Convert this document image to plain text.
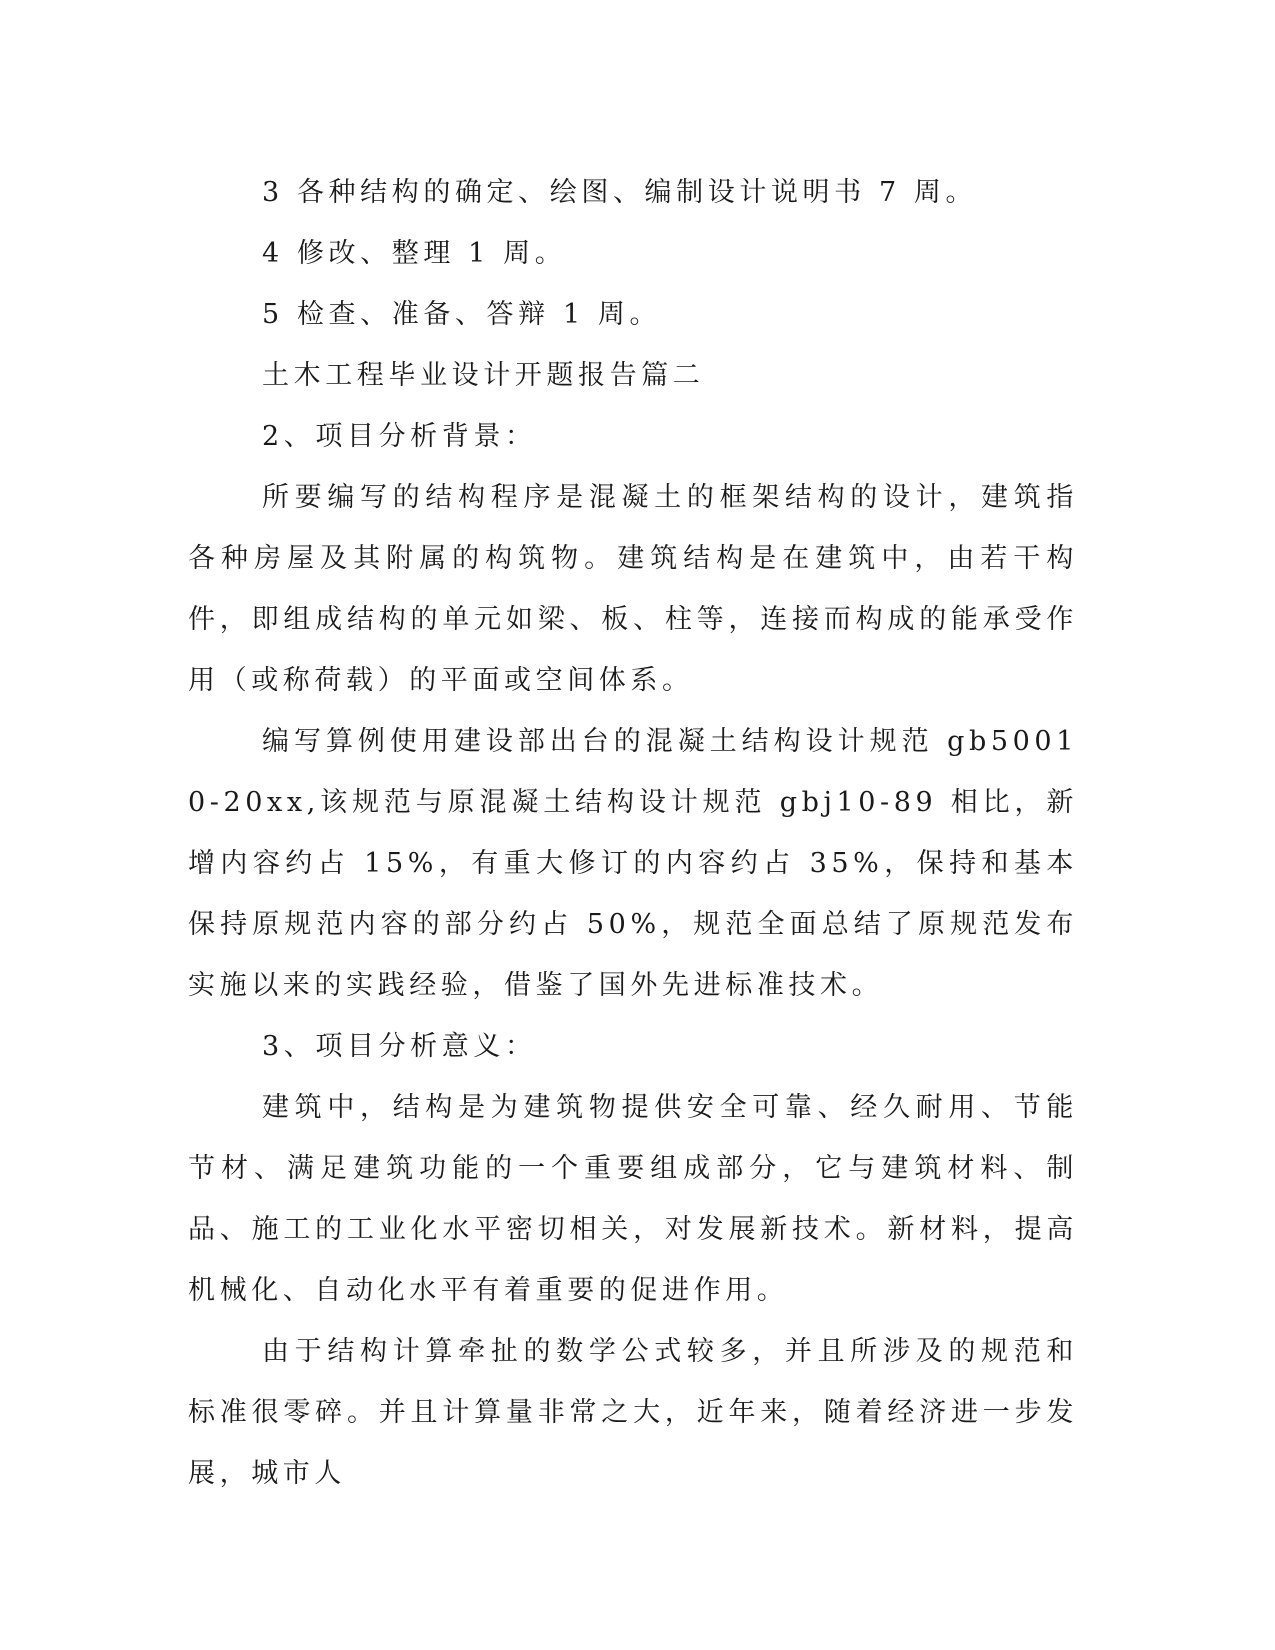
3 各种结构的确定、绘图、编制设计说明书 7 周。

4 修改、整理 1 周。

5 检查、准备、答辩 1 周。

土木工程毕业设计开题报告篇二

2、项目分析背景：

所要编写的结构程序是混凝土的框架结构的设计，建筑指各种房屋及其附属的构筑物。建筑结构是在建筑中，由若干构件，即组成结构的单元如梁、板、柱等，连接而构成的能承受作用（或称荷载）的平面或空间体系。

编写算例使用建设部出台的混凝土结构设计规范 gb50010-20xx,该规范与原混凝土结构设计规范 gbj10-89 相比，新增内容约占 15%，有重大修订的内容约占 35%，保持和基本保持原规范内容的部分约占 50%，规范全面总结了原规范发布实施以来的实践经验，借鉴了国外先进标准技术。

3、项目分析意义：

建筑中，结构是为建筑物提供安全可靠、经久耐用、节能节材、满足建筑功能的一个重要组成部分，它与建筑材料、制品、施工的工业化水平密切相关，对发展新技术。新材料，提高机械化、自动化水平有着重要的促进作用。

由于结构计算牵扯的数学公式较多，并且所涉及的规范和标准很零碎。并且计算量非常之大，近年来，随着经济进一步发展，城市人
